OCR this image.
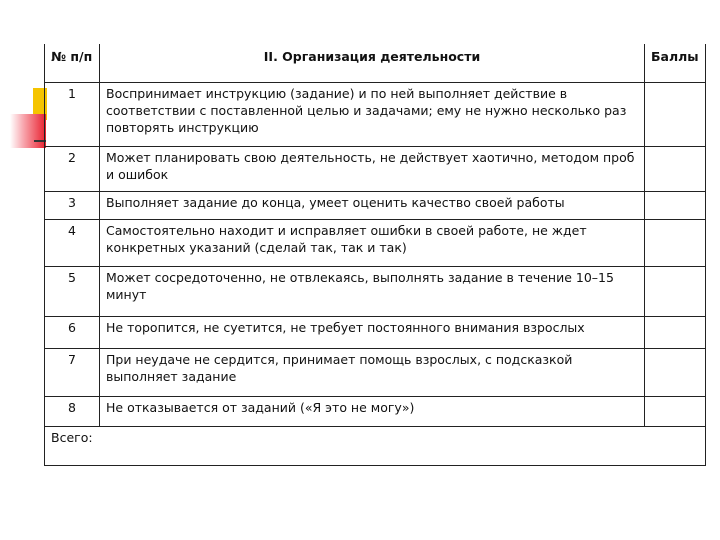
№ п/п	II. Организация деятельности	Баллы
1	Воспринимает инструкцию (задание) и по ней выполняет действие в соответствии с поставленной целью и задачами; ему не нужно несколько раз повторять инструкцию	
2	Может планировать свою деятельность, не действует хаотично, методом проб и ошибок	
3	Выполняет задание до конца, умеет оценить качество своей работы	
4	Самостоятельно находит и исправляет ошибки в своей работе, не ждет конкретных указаний (сделай так, так и так)	
5	Может сосредоточенно, не отвлекаясь, выполнять задание в течение 10–15 минут	
6	Не торопится, не суетится, не требует постоянного внимания взрослых	
7	При неудаче не сердится, принимает помощь взрослых, с подсказкой выполняет задание	
8	Не отказывается от заданий («Я это не могу»)	
Всего:		
